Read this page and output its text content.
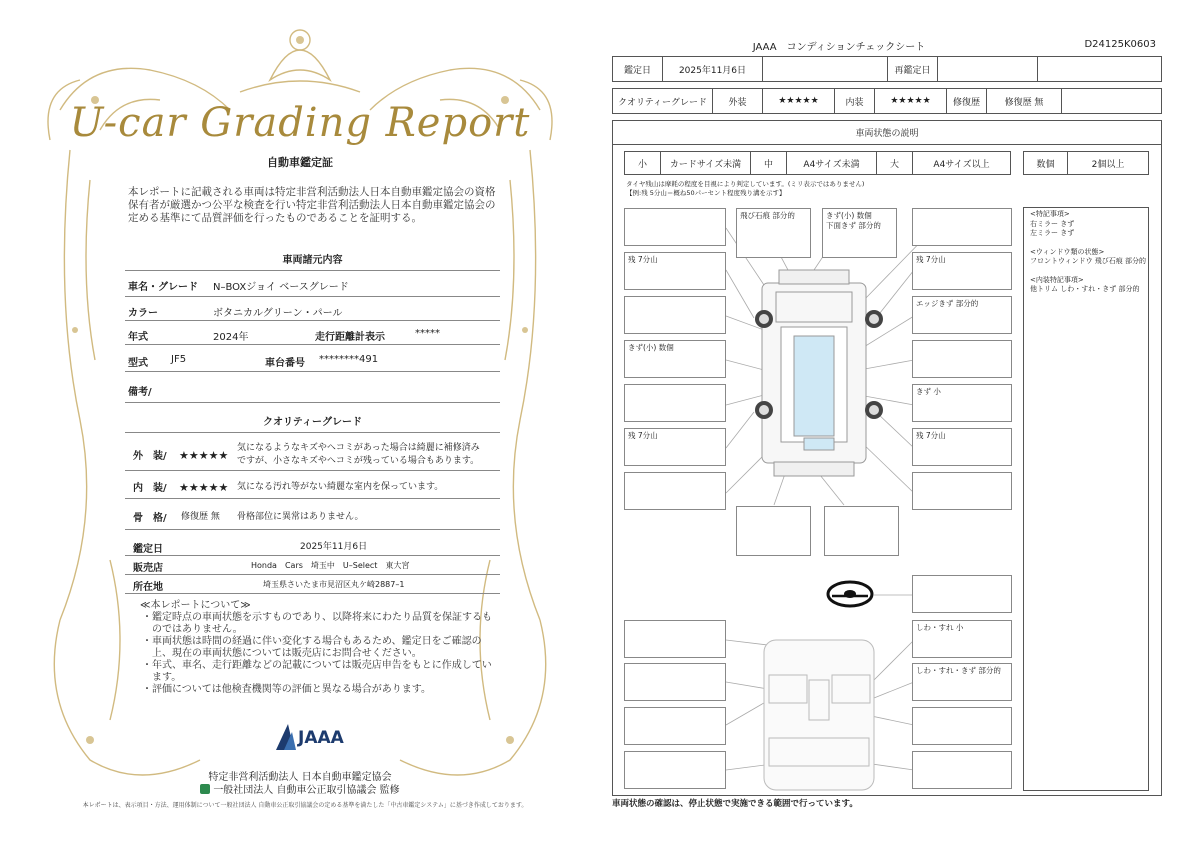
U-car Grading Report
自動車鑑定証
本レポートに記載される車両は特定非営利活動法人日本自動車鑑定協会の資格保有者が厳選かつ公平な検査を行い特定非営利活動法人日本自動車鑑定協会の定める基準にて品質評価を行ったものであることを証明する。
車両諸元内容
車名・グレード N–BOXジョイ ベースグレード
カラー	ボタニカルグリーン・パール
年式	2024年	走行距離計表示	*****
型式 JF5	車台番号 ********491
備考/
クオリティーグレード
外　装/ ★★★★★
気になるようなキズやヘコミがあった場合は綺麗に補修済み
ですが、小さなキズやヘコミが残っている場合もあります。
内　装/ ★★★★★ 気になる汚れ等がない綺麗な室内を保っています。
骨　格/ 修復歴 無 骨格部位に異常はありません。
鑑定日	2025年11月6日
販売店	Honda　Cars　埼玉中　U–Select　東大宮
所在地	埼玉県さいたま市見沼区丸ケ崎2887–1
≪本レポートについて≫
・鑑定時点の車両状態を示すものであり、以降将来にわたり品質を保証するものではありません。
・車両状態は時間の経過に伴い変化する場合もあるため、鑑定日をご確認の上、現在の車両状態については販売店にお問合せください。
・年式、車名、走行距離などの記載については販売店申告をもとに作成しています。
・評価については他検査機関等の評価と異なる場合があります。
JAAA
特定非営利活動法人 日本自動車鑑定協会
一般社団法人 自動車公正取引協議会 監修
本レポートは、表示項目・方法、運用体制について一般社団法人 自動車公正取引協議会の定める基準を満たした「中古車鑑定システム」に基づき作成しております。
JAAA　コンディションチェックシート	D24125K0603
鑑定日	2025年11月6日	再鑑定日
クオリティーグレード	外装	★★★★★	内装	★★★★★	修復歴	修復歴 無
車両状態の説明
小	カードサイズ未満	中	A4サイズ未満	大	A4サイズ以上	数個	2個以上
タイヤ残山は摩耗の程度を目視により判定しています。(ミリ表示ではありません)
【例:残 5分山＝概ね50パーセント程度残り溝を示す】
<特記事項>
右ミラー きず
左ミラー きず
<ウィンドウ類の状態>
フロントウィンドウ 飛び石痕 部分的
<内装特記事項>
他トリム しわ・すれ・きず 部分的
残 7分山
きず(小) 数個
残 7分山
飛び石痕 部分的	きず(小) 数個
下面きず 部分的
残 7分山
エッジきず 部分的
きず 小
残 7分山
しわ・すれ 小
しわ・すれ・きず 部分的
車両状態の確認は、停止状態で実施できる範囲で行っています。
